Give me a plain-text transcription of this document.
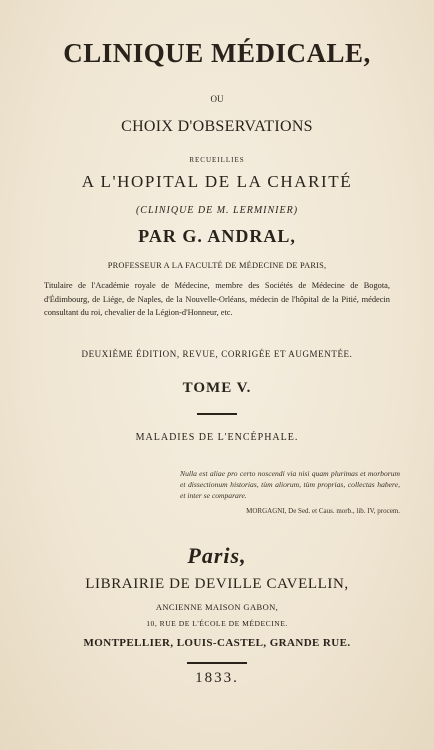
CLINIQUE MÉDICALE,
OU
CHOIX D'OBSERVATIONS
RECUEILLIES
A L'HOPITAL DE LA CHARITÉ
(CLINIQUE DE M. LERMINIER)
PAR G. ANDRAL,
PROFESSEUR A LA FACULTÉ DE MÉDECINE DE PARIS,
Titulaire de l'Académie royale de Médecine, membre des Sociétés de Médecine de Bogota, d'Édimbourg, de Liége, de Naples, de la Nouvelle-Orléans, médecin de l'hôpital de la Pitié, médecin consultant du roi, chevalier de la Légion-d'Honneur, etc.
DEUXIÈME ÉDITION, REVUE, CORRIGÉE ET AUGMENTÉE.
TOME V.
MALADIES DE L'ENCÉPHALE.
Nulla est aliae pro certo noscendi via nisi quam plurimas et morborum et dissectionum historias, tùm aliorum, tùm proprias, collectas habere, et inter se comparare.
MORGAGNI, De Sed. et Caus. morb., lib. IV, procem.
Paris,
LIBRAIRIE DE DEVILLE CAVELLIN,
ANCIENNE MAISON GABON,
10, RUE DE L'ÉCOLE DE MÉDECINE.
MONTPELLIER, LOUIS-CASTEL, GRANDE RUE.
1833.
